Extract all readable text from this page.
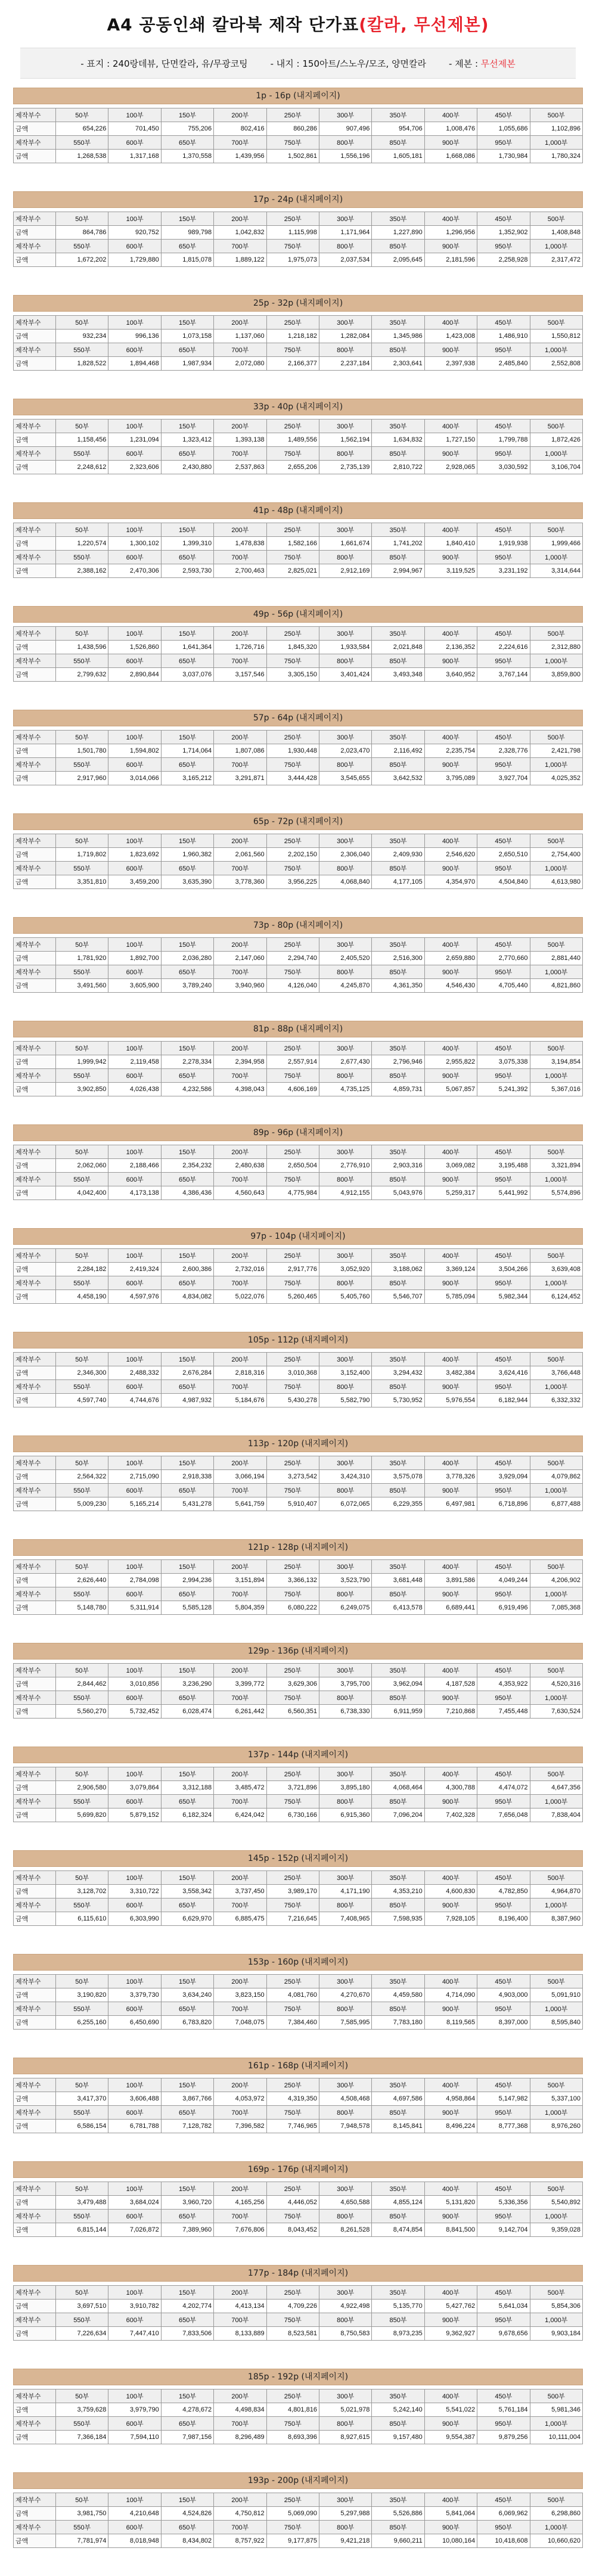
A4 공동인쇄 칼라북 제작 단가표 (칼라, 무선제본)
- 표지 : 240랑데뷰, 단면칼라, 유/무광코팅	- 내지 : 150아트/스노우/모조, 양면칼라	- 제본 : 무선제본
1p - 16p (내지페이지)
제작부수	50부	100부	150부	200부	250부	300부	350부	400부	450부	500부
금액	654,226	701,450	755,206	802,416	860,286	907,496	954,706	1,008,476	1,055,686	1,102,896
제작부수	550부	600부	650부	700부	750부	800부	850부	900부	950부	1,000부
금액	1,268,538	1,317,168	1,370,558	1,439,956	1,502,861	1,556,196	1,605,181	1,668,086	1,730,984	1,780,324
17p - 24p (내지페이지)
제작부수	50부	100부	150부	200부	250부	300부	350부	400부	450부	500부
금액	864,786	920,752	989,798	1,042,832	1,115,998	1,171,964	1,227,890	1,296,956	1,352,902	1,408,848
제작부수	550부	600부	650부	700부	750부	800부	850부	900부	950부	1,000부
금액	1,672,202	1,729,880	1,815,078	1,889,122	1,975,073	2,037,534	2,095,645	2,181,596	2,258,928	2,317,472
25p - 32p (내지페이지)
제작부수	50부	100부	150부	200부	250부	300부	350부	400부	450부	500부
금액	932,234	996,136	1,073,158	1,137,060	1,218,182	1,282,084	1,345,986	1,423,008	1,486,910	1,550,812
제작부수	550부	600부	650부	700부	750부	800부	850부	900부	950부	1,000부
금액	1,828,522	1,894,468	1,987,934	2,072,080	2,166,377	2,237,184	2,303,641	2,397,938	2,485,840	2,552,808
33p - 40p (내지페이지)
제작부수	50부	100부	150부	200부	250부	300부	350부	400부	450부	500부
금액	1,158,456	1,231,094	1,323,412	1,393,138	1,489,556	1,562,194	1,634,832	1,727,150	1,799,788	1,872,426
제작부수	550부	600부	650부	700부	750부	800부	850부	900부	950부	1,000부
금액	2,248,612	2,323,606	2,430,880	2,537,863	2,655,206	2,735,139	2,810,722	2,928,065	3,030,592	3,106,704
41p - 48p (내지페이지)
제작부수	50부	100부	150부	200부	250부	300부	350부	400부	450부	500부
금액	1,220,574	1,300,102	1,399,310	1,478,838	1,582,166	1,661,674	1,741,202	1,840,410	1,919,938	1,999,466
제작부수	550부	600부	650부	700부	750부	800부	850부	900부	950부	1,000부
금액	2,388,162	2,470,306	2,593,730	2,700,463	2,825,021	2,912,169	2,994,967	3,119,525	3,231,192	3,314,644
49p - 56p (내지페이지)
제작부수	50부	100부	150부	200부	250부	300부	350부	400부	450부	500부
금액	1,438,596	1,526,860	1,641,364	1,726,716	1,845,320	1,933,584	2,021,848	2,136,352	2,224,616	2,312,880
제작부수	550부	600부	650부	700부	750부	800부	850부	900부	950부	1,000부
금액	2,799,632	2,890,844	3,037,076	3,157,546	3,305,150	3,401,424	3,493,348	3,640,952	3,767,144	3,859,800
57p - 64p (내지페이지)
제작부수	50부	100부	150부	200부	250부	300부	350부	400부	450부	500부
금액	1,501,780	1,594,802	1,714,064	1,807,086	1,930,448	2,023,470	2,116,492	2,235,754	2,328,776	2,421,798
제작부수	550부	600부	650부	700부	750부	800부	850부	900부	950부	1,000부
금액	2,917,960	3,014,066	3,165,212	3,291,871	3,444,428	3,545,655	3,642,532	3,795,089	3,927,704	4,025,352
65p - 72p (내지페이지)
제작부수	50부	100부	150부	200부	250부	300부	350부	400부	450부	500부
금액	1,719,802	1,823,692	1,960,382	2,061,560	2,202,150	2,306,040	2,409,930	2,546,620	2,650,510	2,754,400
제작부수	550부	600부	650부	700부	750부	800부	850부	900부	950부	1,000부
금액	3,351,810	3,459,200	3,635,390	3,778,360	3,956,225	4,068,840	4,177,105	4,354,970	4,504,840	4,613,980
73p - 80p (내지페이지)
제작부수	50부	100부	150부	200부	250부	300부	350부	400부	450부	500부
금액	1,781,920	1,892,700	2,036,280	2,147,060	2,294,740	2,405,520	2,516,300	2,659,880	2,770,660	2,881,440
제작부수	550부	600부	650부	700부	750부	800부	850부	900부	950부	1,000부
금액	3,491,560	3,605,900	3,789,240	3,940,960	4,126,040	4,245,870	4,361,350	4,546,430	4,705,440	4,821,860
81p - 88p (내지페이지)
제작부수	50부	100부	150부	200부	250부	300부	350부	400부	450부	500부
금액	1,999,942	2,119,458	2,278,334	2,394,958	2,557,914	2,677,430	2,796,946	2,955,822	3,075,338	3,194,854
제작부수	550부	600부	650부	700부	750부	800부	850부	900부	950부	1,000부
금액	3,902,850	4,026,438	4,232,586	4,398,043	4,606,169	4,735,125	4,859,731	5,067,857	5,241,392	5,367,016
89p - 96p (내지페이지)
제작부수	50부	100부	150부	200부	250부	300부	350부	400부	450부	500부
금액	2,062,060	2,188,466	2,354,232	2,480,638	2,650,504	2,776,910	2,903,316	3,069,082	3,195,488	3,321,894
제작부수	550부	600부	650부	700부	750부	800부	850부	900부	950부	1,000부
금액	4,042,400	4,173,138	4,386,436	4,560,643	4,775,984	4,912,155	5,043,976	5,259,317	5,441,992	5,574,896
97p - 104p (내지페이지)
제작부수	50부	100부	150부	200부	250부	300부	350부	400부	450부	500부
금액	2,284,182	2,419,324	2,600,386	2,732,016	2,917,776	3,052,920	3,188,062	3,369,124	3,504,266	3,639,408
제작부수	550부	600부	650부	700부	750부	800부	850부	900부	950부	1,000부
금액	4,458,190	4,597,976	4,834,082	5,022,076	5,260,465	5,405,760	5,546,707	5,785,094	5,982,344	6,124,452
105p - 112p (내지페이지)
제작부수	50부	100부	150부	200부	250부	300부	350부	400부	450부	500부
금액	2,346,300	2,488,332	2,676,284	2,818,316	3,010,368	3,152,400	3,294,432	3,482,384	3,624,416	3,766,448
제작부수	550부	600부	650부	700부	750부	800부	850부	900부	950부	1,000부
금액	4,597,740	4,744,676	4,987,932	5,184,676	5,430,278	5,582,790	5,730,952	5,976,554	6,182,944	6,332,332
113p - 120p (내지페이지)
제작부수	50부	100부	150부	200부	250부	300부	350부	400부	450부	500부
금액	2,564,322	2,715,090	2,918,338	3,066,194	3,273,542	3,424,310	3,575,078	3,778,326	3,929,094	4,079,862
제작부수	550부	600부	650부	700부	750부	800부	850부	900부	950부	1,000부
금액	5,009,230	5,165,214	5,431,278	5,641,759	5,910,407	6,072,065	6,229,355	6,497,981	6,718,896	6,877,488
121p - 128p (내지페이지)
제작부수	50부	100부	150부	200부	250부	300부	350부	400부	450부	500부
금액	2,626,440	2,784,098	2,994,236	3,151,894	3,366,132	3,523,790	3,681,448	3,891,586	4,049,244	4,206,902
제작부수	550부	600부	650부	700부	750부	800부	850부	900부	950부	1,000부
금액	5,148,780	5,311,914	5,585,128	5,804,359	6,080,222	6,249,075	6,413,578	6,689,441	6,919,496	7,085,368
129p - 136p (내지페이지)
제작부수	50부	100부	150부	200부	250부	300부	350부	400부	450부	500부
금액	2,844,462	3,010,856	3,236,290	3,399,772	3,629,306	3,795,700	3,962,094	4,187,528	4,353,922	4,520,316
제작부수	550부	600부	650부	700부	750부	800부	850부	900부	950부	1,000부
금액	5,560,270	5,732,452	6,028,474	6,261,442	6,560,351	6,738,330	6,911,959	7,210,868	7,455,448	7,630,524
137p - 144p (내지페이지)
제작부수	50부	100부	150부	200부	250부	300부	350부	400부	450부	500부
금액	2,906,580	3,079,864	3,312,188	3,485,472	3,721,896	3,895,180	4,068,464	4,300,788	4,474,072	4,647,356
제작부수	550부	600부	650부	700부	750부	800부	850부	900부	950부	1,000부
금액	5,699,820	5,879,152	6,182,324	6,424,042	6,730,166	6,915,360	7,096,204	7,402,328	7,656,048	7,838,404
145p - 152p (내지페이지)
제작부수	50부	100부	150부	200부	250부	300부	350부	400부	450부	500부
금액	3,128,702	3,310,722	3,558,342	3,737,450	3,989,170	4,171,190	4,353,210	4,600,830	4,782,850	4,964,870
제작부수	550부	600부	650부	700부	750부	800부	850부	900부	950부	1,000부
금액	6,115,610	6,303,990	6,629,970	6,885,475	7,216,645	7,408,965	7,598,935	7,928,105	8,196,400	8,387,960
153p - 160p (내지페이지)
제작부수	50부	100부	150부	200부	250부	300부	350부	400부	450부	500부
금액	3,190,820	3,379,730	3,634,240	3,823,150	4,081,760	4,270,670	4,459,580	4,714,090	4,903,000	5,091,910
제작부수	550부	600부	650부	700부	750부	800부	850부	900부	950부	1,000부
금액	6,255,160	6,450,690	6,783,820	7,048,075	7,384,460	7,585,995	7,783,180	8,119,565	8,397,000	8,595,840
161p - 168p (내지페이지)
제작부수	50부	100부	150부	200부	250부	300부	350부	400부	450부	500부
금액	3,417,370	3,606,488	3,867,766	4,053,972	4,319,350	4,508,468	4,697,586	4,958,864	5,147,982	5,337,100
제작부수	550부	600부	650부	700부	750부	800부	850부	900부	950부	1,000부
금액	6,586,154	6,781,788	7,128,782	7,396,582	7,746,965	7,948,578	8,145,841	8,496,224	8,777,368	8,976,260
169p - 176p (내지페이지)
제작부수	50부	100부	150부	200부	250부	300부	350부	400부	450부	500부
금액	3,479,488	3,684,024	3,960,720	4,165,256	4,446,052	4,650,588	4,855,124	5,131,820	5,336,356	5,540,892
제작부수	550부	600부	650부	700부	750부	800부	850부	900부	950부	1,000부
금액	6,815,144	7,026,872	7,389,960	7,676,806	8,043,452	8,261,528	8,474,854	8,841,500	9,142,704	9,359,028
177p - 184p (내지페이지)
제작부수	50부	100부	150부	200부	250부	300부	350부	400부	450부	500부
금액	3,697,510	3,910,782	4,202,774	4,413,134	4,709,226	4,922,498	5,135,770	5,427,762	5,641,034	5,854,306
제작부수	550부	600부	650부	700부	750부	800부	850부	900부	950부	1,000부
금액	7,226,634	7,447,410	7,833,506	8,133,889	8,523,581	8,750,583	8,973,235	9,362,927	9,678,656	9,903,184
185p - 192p (내지페이지)
제작부수	50부	100부	150부	200부	250부	300부	350부	400부	450부	500부
금액	3,759,628	3,979,790	4,278,672	4,498,834	4,801,816	5,021,978	5,242,140	5,541,022	5,761,184	5,981,346
제작부수	550부	600부	650부	700부	750부	800부	850부	900부	950부	1,000부
금액	7,366,184	7,594,110	7,987,156	8,296,489	8,693,396	8,927,615	9,157,480	9,554,387	9,879,256	10,111,004
193p - 200p (내지페이지)
제작부수	50부	100부	150부	200부	250부	300부	350부	400부	450부	500부
금액	3,981,750	4,210,648	4,524,826	4,750,812	5,069,090	5,297,988	5,526,886	5,841,064	6,069,962	6,298,860
제작부수	550부	600부	650부	700부	750부	800부	850부	900부	950부	1,000부
금액	7,781,974	8,018,948	8,434,802	8,757,922	9,177,875	9,421,218	9,660,211	10,080,164	10,418,608	10,660,620
